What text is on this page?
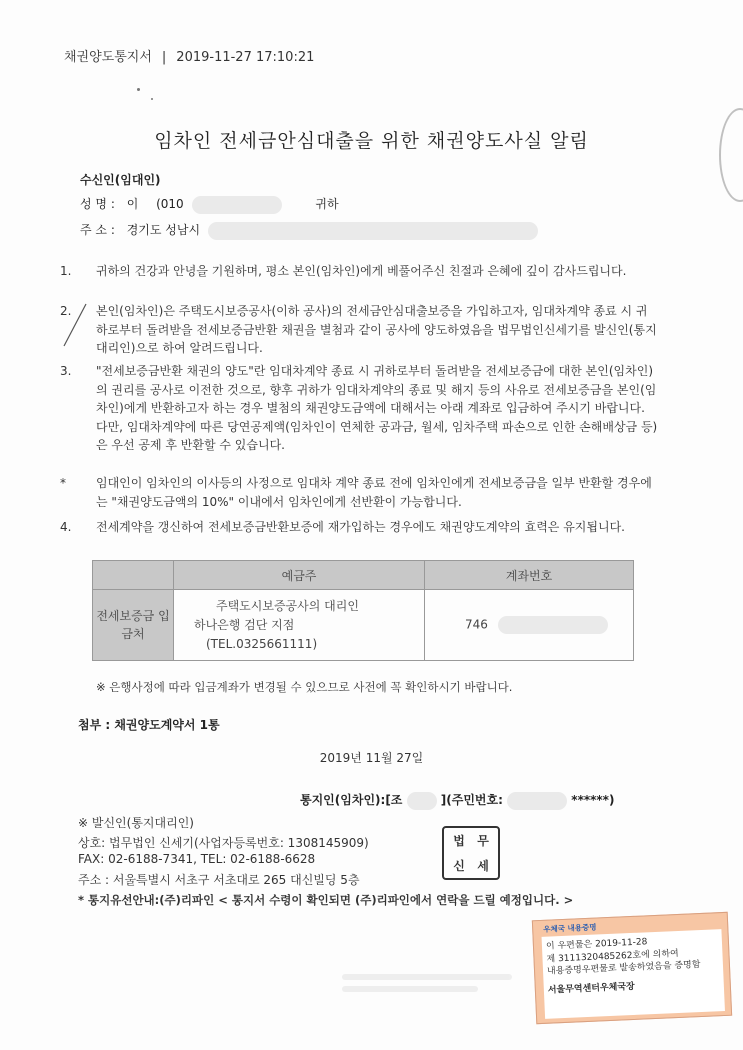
채권양도통지서 | 2019-11-27 17:10:21
임차인 전세금안심대출을 위한 채권양도사실 알림
수신인(임대인)
성 명 : 이 (010	귀하
주 소 : 경기도 성남시
1. 귀하의 건강과 안녕을 기원하며, 평소 본인(임차인)에게 베풀어주신 친절과 은혜에 깊이 감사드립니다.
2. 본인(임차인)은 주택도시보증공사(이하 공사)의 전세금안심대출보증을 가입하고자, 임대차계약 종료 시 귀하로부터 돌려받을 전세보증금반환 채권을 별첨과 같이 공사에 양도하였음을 법무법인신세기를 발신인(통지대리인)으로 하여 알려드립니다.
3. "전세보증금반환 채권의 양도"란 임대차계약 종료 시 귀하로부터 돌려받을 전세보증금에 대한 본인(임차인)의 권리를 공사로 이전한 것으로, 향후 귀하가 임대차계약의 종료 및 해지 등의 사유로 전세보증금을 본인(임차인)에게 반환하고자 하는 경우 별첨의 채권양도금액에 대해서는 아래 계좌로 입금하여 주시기 바랍니다. 다만, 임대차계약에 따른 당연공제액(임차인이 연체한 공과금, 월세, 임차주택 파손으로 인한 손해배상금 등)은 우선 공제 후 반환할 수 있습니다.
*	임대인이 임차인의 이사등의 사정으로 임대차 계약 종료 전에 임차인에게 전세보증금을 일부 반환할 경우에는 "채권양도금액의 10%" 이내에서 임차인에게 선반환이 가능합니다.
4. 전세계약을 갱신하여 전세보증금반환보증에 재가입하는 경우에도 채권양도계약의 효력은 유지됩니다.
	예금주	계좌번호
전세보증금 입금처	주택도시보증공사의 대리인
하나은행 검단 지점
(TEL.0325661111)	746
※ 은행사정에 따라 입금계좌가 변경될 수 있으므로 사전에 꼭 확인하시기 바랍니다.
첨부 : 채권양도계약서 1통
2019년 11월 27일
통지인(임차인):[조	](주민번호:	******)
※ 발신인(통지대리인)
상호: 법무법인 신세기(사업자등록번호: 1308145909)
FAX: 02-6188-7341, TEL: 02-6188-6628
주소 : 서울특별시 서초구 서초대로 265 대신빌딩 5층
* 통지유선안내:(주)리파인 < 통지서 수령이 확인되면 (주)리파인에서 연락을 드릴 예정입니다. >
법	무
신	세
우체국 내용증명
이 우편물은 2019-11-28
제 3111320485262호에 의하여
내용증명우편물로 발송하였음을 증명함
서울무역센터우체국장
